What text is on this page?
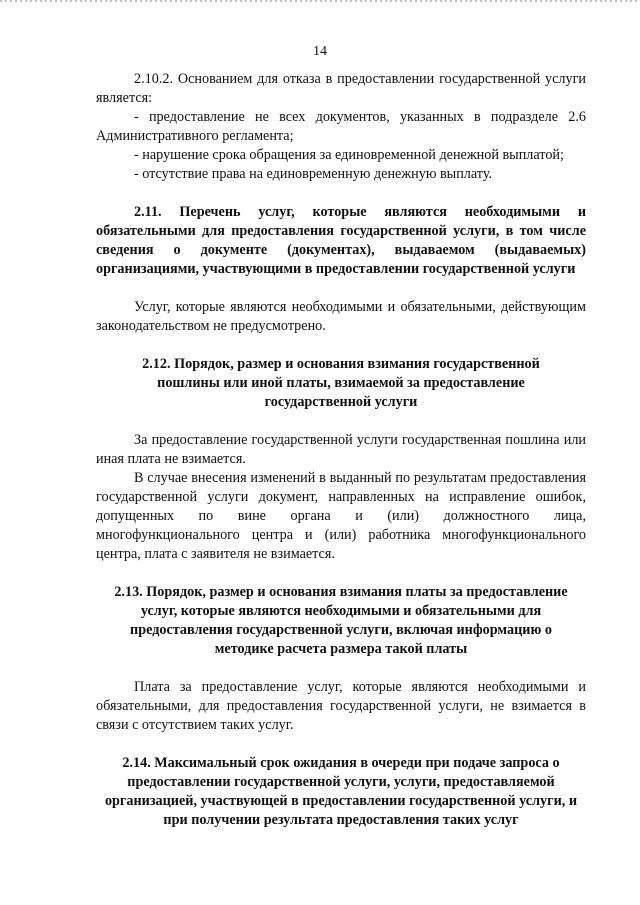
14

2.10.2. Основанием для отказа в предоставлении государственной услуги является:

- предоставление не всех документов, указанных в подразделе 2.6 Административного регламента;

- нарушение срока обращения за единовременной денежной выплатой;

- отсутствие права на единовременную денежную выплату.

2.11. Перечень услуг, которые являются необходимыми и обязательными для предоставления государственной услуги, в том числе сведения о документе (документах), выдаваемом (выдаваемых) организациями, участвующими в предоставлении государственной услуги

Услуг, которые являются необходимыми и обязательными, действующим законодательством не предусмотрено.

2.12. Порядок, размер и основания взимания государственной пошлины или иной платы, взимаемой за предоставление государственной услуги

За предоставление государственной услуги государственная пошлина или иная плата не взимается.

В случае внесения изменений в выданный по результатам предоставления государственной услуги документ, направленных на исправление ошибок, допущенных по вине органа и (или) должностного лица, многофункционального центра и (или) работника многофункционального центра, плата с заявителя не взимается.

2.13. Порядок, размер и основания взимания платы за предоставление услуг, которые являются необходимыми и обязательными для предоставления государственной услуги, включая информацию о методике расчета размера такой платы

Плата за предоставление услуг, которые являются необходимыми и обязательными, для предоставления государственной услуги, не взимается в связи с отсутствием таких услуг.

2.14. Максимальный срок ожидания в очереди при подаче запроса о предоставлении государственной услуги, услуги, предоставляемой организацией, участвующей в предоставлении государственной услуги, и при получении результата предоставления таких услуг
